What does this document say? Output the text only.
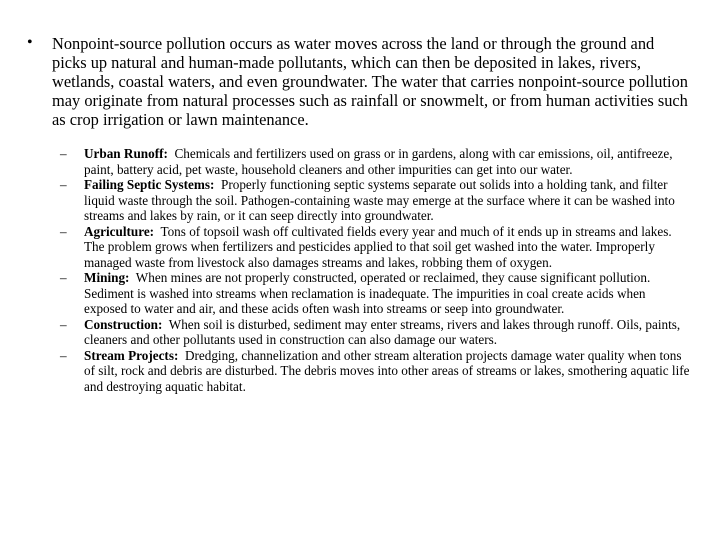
• Nonpoint-source pollution occurs as water moves across the land or through the ground and picks up natural and human-made pollutants, which can then be deposited in lakes, rivers, wetlands, coastal waters, and even groundwater. The water that carries nonpoint-source pollution may originate from natural processes such as rainfall or snowmelt, or from human activities such as crop irrigation or lawn maintenance.
– Urban Runoff: Chemicals and fertilizers used on grass or in gardens, along with car emissions, oil, antifreeze, paint, battery acid, pet waste, household cleaners and other impurities can get into our water.
– Failing Septic Systems: Properly functioning septic systems separate out solids into a holding tank, and filter liquid waste through the soil. Pathogen-containing waste may emerge at the surface where it can be washed into streams and lakes by rain, or it can seep directly into groundwater.
– Agriculture: Tons of topsoil wash off cultivated fields every year and much of it ends up in streams and lakes. The problem grows when fertilizers and pesticides applied to that soil get washed into the water. Improperly managed waste from livestock also damages streams and lakes, robbing them of oxygen.
– Mining: When mines are not properly constructed, operated or reclaimed, they cause significant pollution. Sediment is washed into streams when reclamation is inadequate. The impurities in coal create acids when exposed to water and air, and these acids often wash into streams or seep into groundwater.
– Construction: When soil is disturbed, sediment may enter streams, rivers and lakes through runoff. Oils, paints, cleaners and other pollutants used in construction can also damage our waters.
– Stream Projects: Dredging, channelization and other stream alteration projects damage water quality when tons of silt, rock and debris are disturbed. The debris moves into other areas of streams or lakes, smothering aquatic life and destroying aquatic habitat.
